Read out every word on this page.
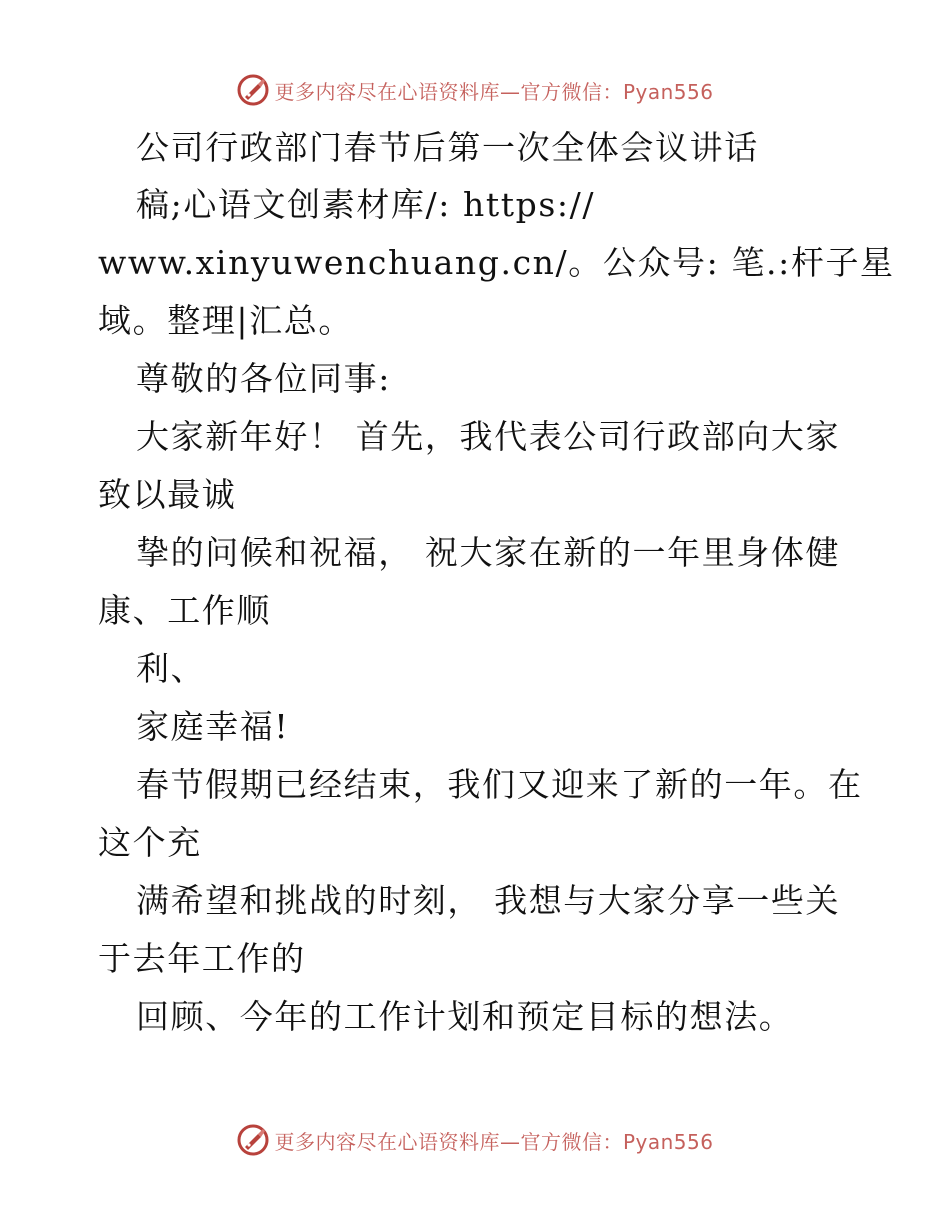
更多内容尽在心语资料库—官方微信：Pyan556
公司行政部门春节后第一次全体会议讲话
稿;心语文创素材库/: https://
www.xinyuwenchuang.cn/。公众号: 笔.:杆子星
域。整理|汇总。
尊敬的各位同事:
大家新年好！ 首先，我代表公司行政部向大家
致以最诚
挚的问候和祝福， 祝大家在新的一年里身体健
康、工作顺
利、
家庭幸福!
春节假期已经结束，我们又迎来了新的一年。在
这个充
满希望和挑战的时刻， 我想与大家分享一些关
于去年工作的
回顾、今年的工作计划和预定目标的想法。
更多内容尽在心语资料库—官方微信：Pyan556
